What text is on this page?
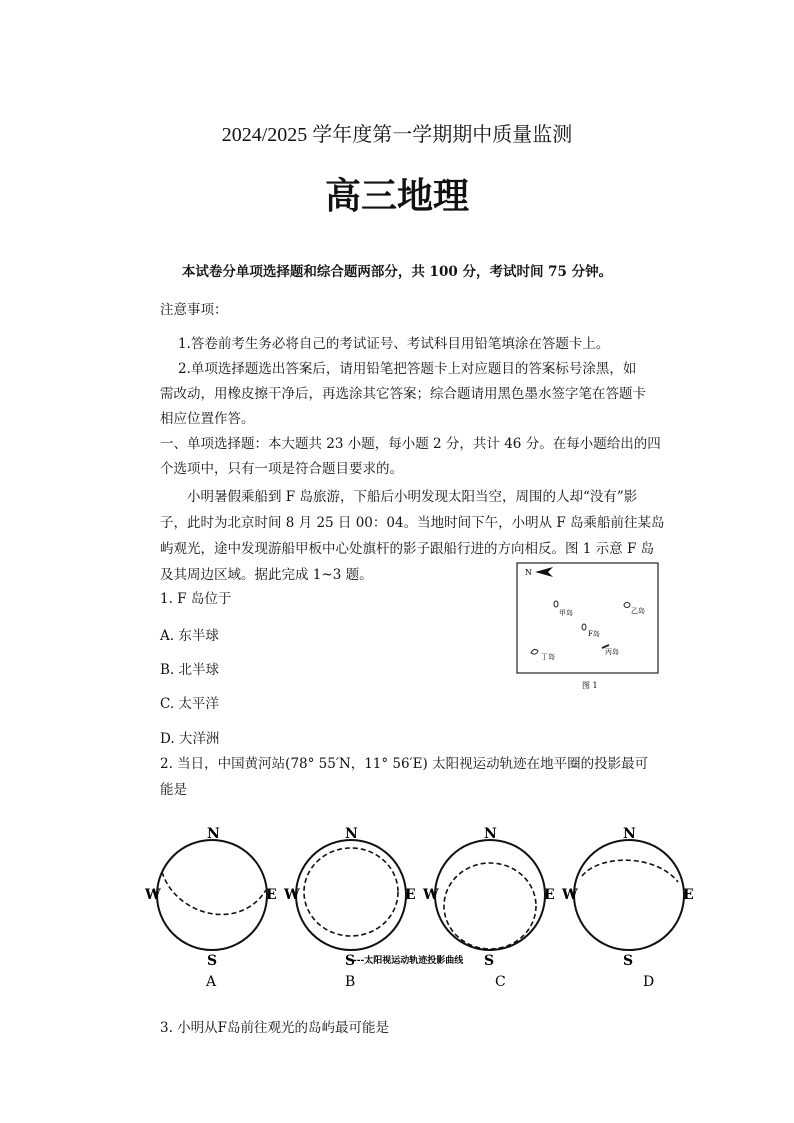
2024/2025 学年度第一学期期中质量监测
高三地理
本试卷分单项选择题和综合题两部分，共 100 分，考试时间 75 分钟。
注意事项：
1.答卷前考生务必将自己的考试证号、考试科目用铅笔填涂在答题卡上。
2.单项选择题选出答案后，请用铅笔把答题卡上对应题目的答案标号涂黑，如
需改动，用橡皮擦干净后，再选涂其它答案；综合题请用黑色墨水签字笔在答题卡
相应位置作答。
一、单项选择题：本大题共 23 小题，每小题 2 分，共计 46 分。在每小题给出的四
个选项中，只有一项是符合题目要求的。
小明暑假乘船到 F 岛旅游，下船后小明发现太阳当空，周围的人却“没有”影
子，此时为北京时间 8 月 25 日 00：04。当地时间下午，小明从 F 岛乘船前往某岛
屿观光，途中发现游船甲板中心处旗杆的影子跟船行进的方向相反。图 1 示意 F 岛
及其周边区域。据此完成 1~3 题。	N
甲岛	乙岛
F岛
丙岛
丁岛
图 1
1. F 岛位于
A. 东半球
B. 北半球
C. 太平洋
D. 大洋洲
2. 当日，中国黄河站(78° 55′N，11° 56′E) 太阳视运动轨迹在地平圈的投影最可
能是
N
S
W	E
N
S
W	E
N
S
W	E
N
S
W	E
---太阳视运动轨迹投影曲线
A	B	C	D
3. 小明从F岛前往观光的岛屿最可能是
